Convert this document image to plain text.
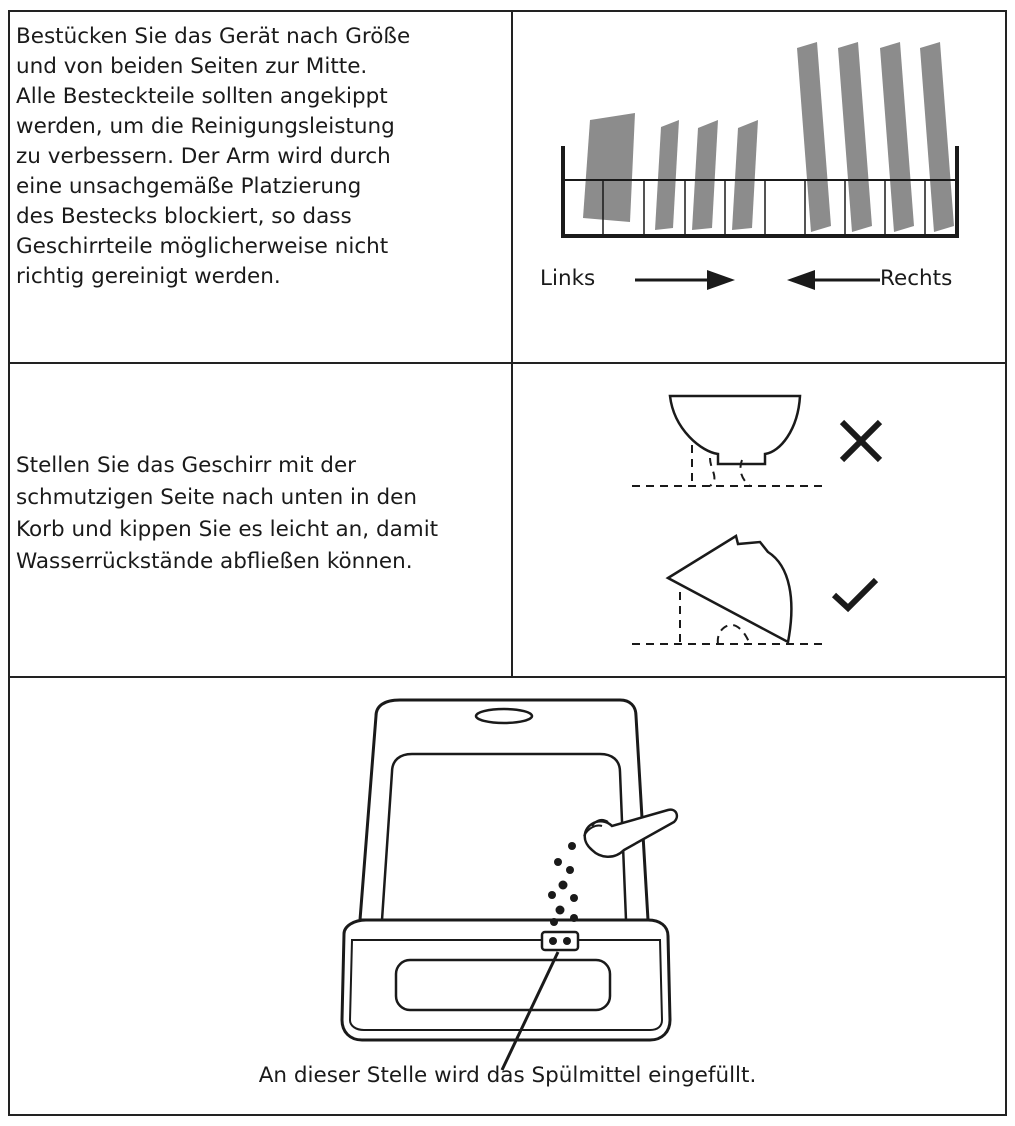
Bestücken Sie das Gerät nach Größe
und von beiden Seiten zur Mitte.
Alle Besteckteile sollten angekippt
werden, um die Reinigungsleistung
zu verbessern. Der Arm wird durch
eine unsachgemäße Platzierung
des Bestecks blockiert, so dass
Geschirrteile möglicherweise nicht
richtig gereinigt werden.	Links	Rechts
Stellen Sie das Geschirr mit der
schmutzigen Seite nach unten in den
Korb und kippen Sie es leicht an, damit
Wasserrückstände abfließen können.
An dieser Stelle wird das Spülmittel eingefüllt.
